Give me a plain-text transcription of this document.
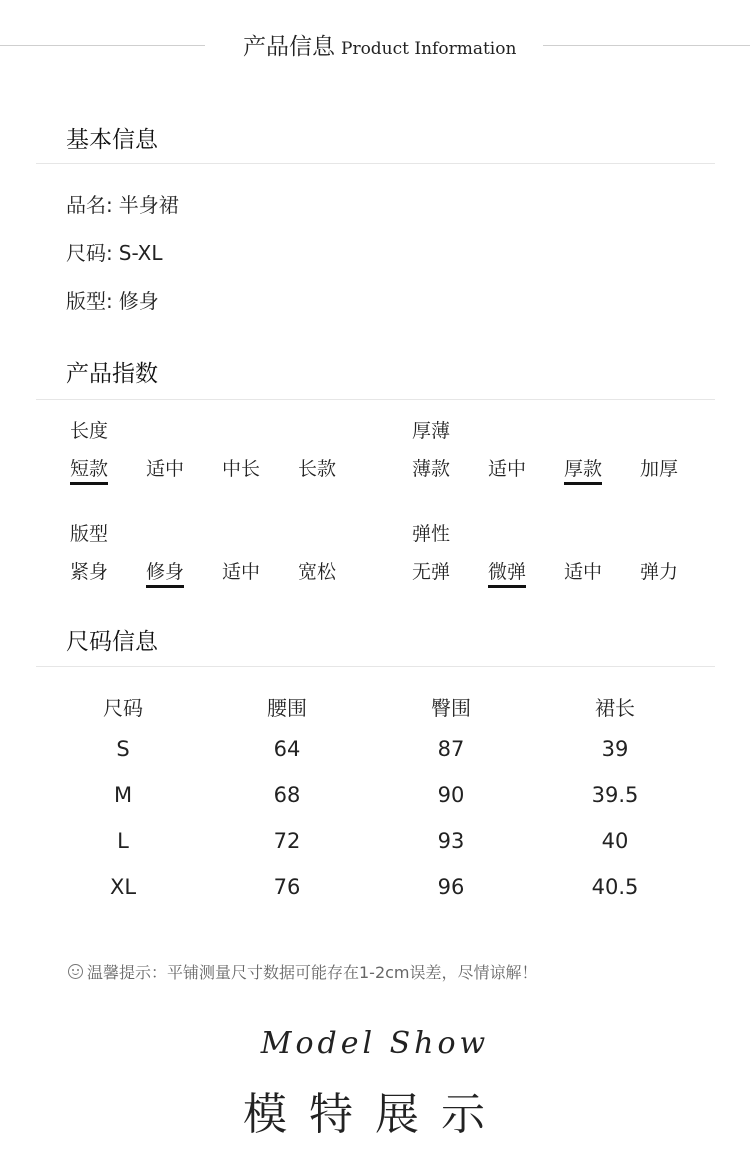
产品信息 Product Information
基本信息
品名: 半身裙
尺码: S-XL
版型: 修身
产品指数
长度
短款 适中 中长 长款
厚薄
薄款 适中 厚款 加厚
版型
紧身 修身 适中 宽松
弹性
无弹 微弹 适中 弹力
尺码信息
尺码	腰围	臀围	裙长
S	64	87	39
M	68	90	39.5
L	72	93	40
XL	76	96	40.5
温馨提示：平铺测量尺寸数据可能存在1-2cm误差，尽情谅解！
Model Show
模特展示
